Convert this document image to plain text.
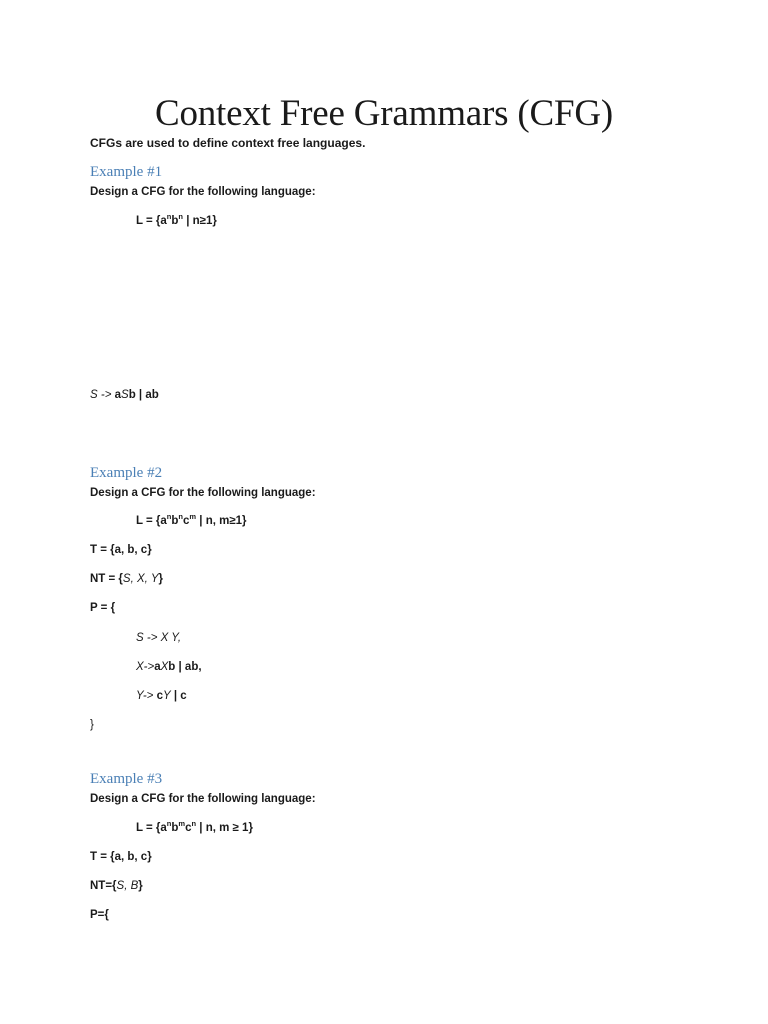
Context Free Grammars (CFG)
CFGs are used to define context free languages.
Example #1
Design a CFG for the following language:
$L = \{a^nb^n$ | n≥1}
S -> aSb | ab
Example #2
Design a CFG for the following language:
$L = \{a^nb^nc^m$ | n, m≥1}
T = {a, b, c}
NT = {S, X, Y}
P = {
S -> X Y,
X->aXb | ab,
Y-> cY | c
}
Example #3
Design a CFG for the following language:
$L = \{a^nb^mc^n$ | n, m ≥ 1}
T = {a, b, c}
NT={S, B}
P={
